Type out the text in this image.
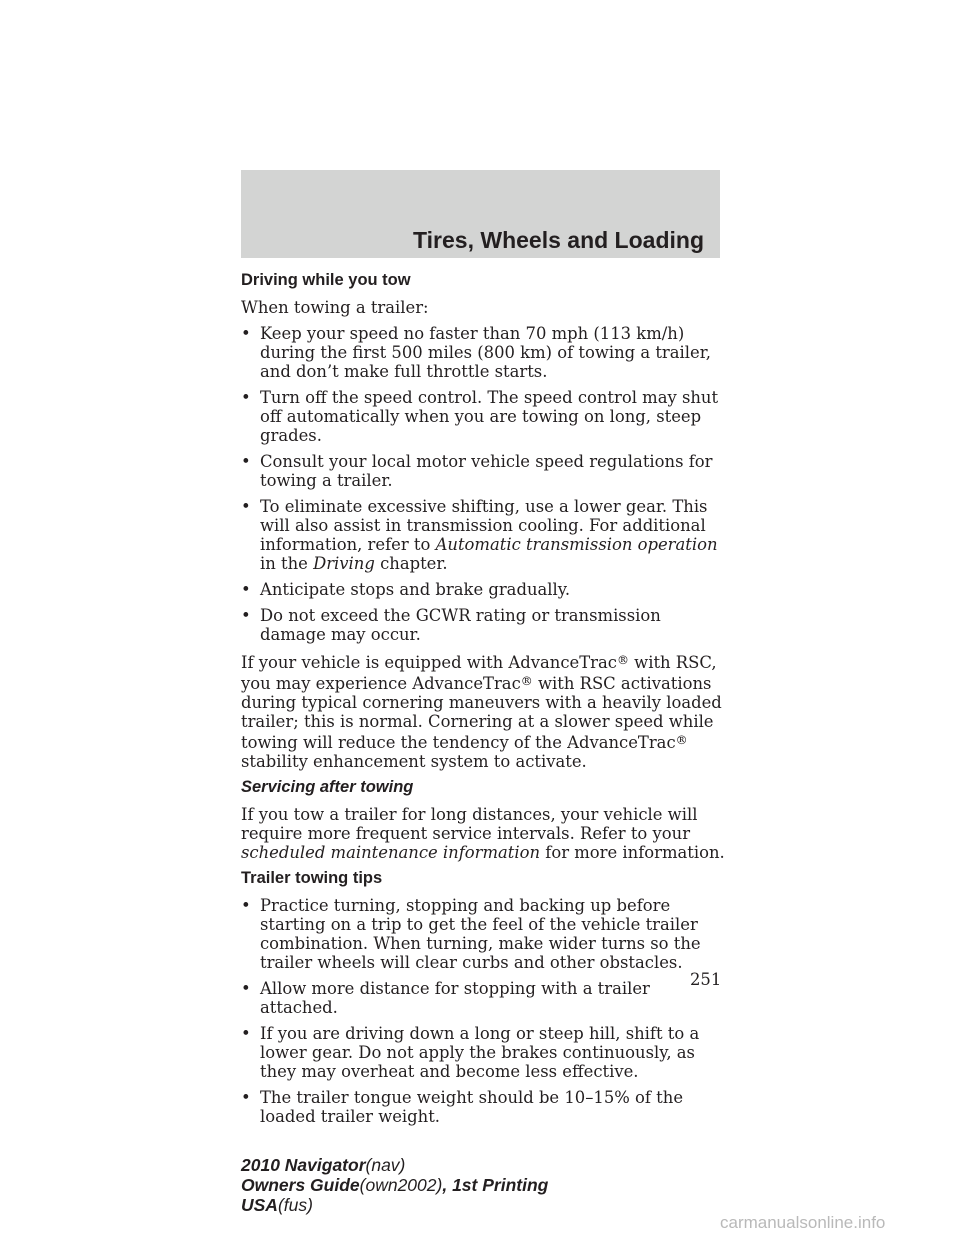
Tires, Wheels and Loading
Driving while you tow

When towing a trailer:

• Keep your speed no faster than 70 mph (113 km/h) during the first 500 miles (800 km) of towing a trailer, and don’t make full throttle starts.
• Turn off the speed control. The speed control may shut off automatically when you are towing on long, steep grades.
• Consult your local motor vehicle speed regulations for towing a trailer.
• To eliminate excessive shifting, use a lower gear. This will also assist in transmission cooling. For additional information, refer to Automatic transmission operation in the Driving chapter.
• Anticipate stops and brake gradually.
• Do not exceed the GCWR rating or transmission damage may occur.

If your vehicle is equipped with AdvanceTrac® with RSC, you may experience AdvanceTrac® with RSC activations during typical cornering maneuvers with a heavily loaded trailer; this is normal. Cornering at a slower speed while towing will reduce the tendency of the AdvanceTrac® stability enhancement system to activate.

Servicing after towing

If you tow a trailer for long distances, your vehicle will require more frequent service intervals. Refer to your scheduled maintenance information for more information.

Trailer towing tips
• Practice turning, stopping and backing up before starting on a trip to get the feel of the vehicle trailer combination. When turning, make wider turns so the trailer wheels will clear curbs and other obstacles.
• Allow more distance for stopping with a trailer attached.
• If you are driving down a long or steep hill, shift to a lower gear. Do not apply the brakes continuously, as they may overheat and become less effective.
• The trailer tongue weight should be 10–15% of the loaded trailer weight.
251
2010 Navigator(nav)
Owners Guide(own2002), 1st Printing
USA(fus)
carmanualsonline.info
